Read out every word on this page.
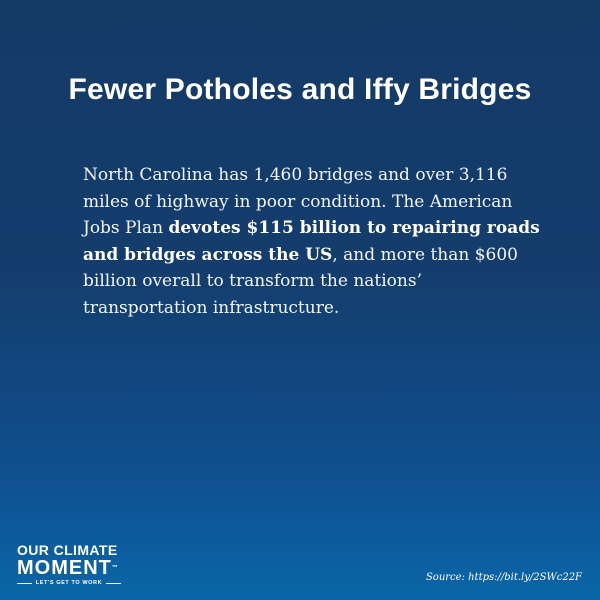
Fewer Potholes and Iffy Bridges

North Carolina has 1,460 bridges and over 3,116 miles of highway in poor condition. The American Jobs Plan devotes $115 billion to repairing roads and bridges across the US, and more than $600 billion overall to transform the nations’ transportation infrastructure.

OUR CLIMATE
MOMENT™
LET'S GET TO WORK	Source: https://bit.ly/2SWc22F
